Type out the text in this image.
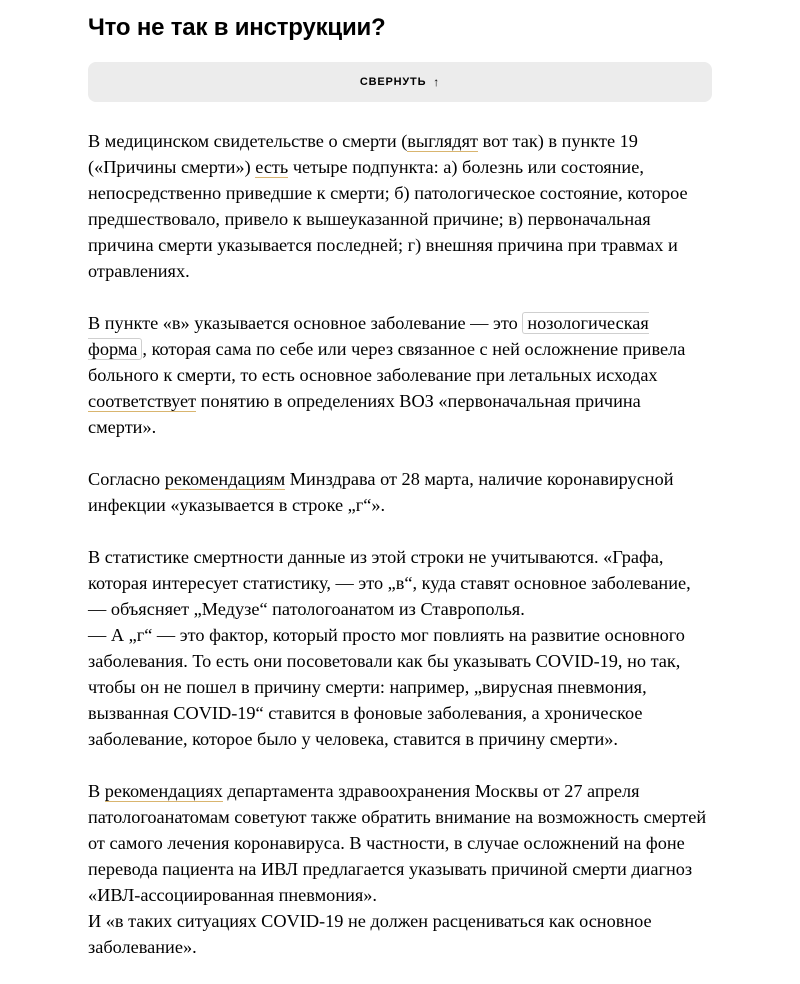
Что не так в инструкции?
СВЕРНУТЬ ↑

В медицинском свидетельстве о смерти (выглядят вот так) в пункте 19 («Причины смерти») есть четыре подпункта: а) болезнь или состояние, непосредственно приведшие к смерти; б) патологическое состояние, которое предшествовало, привело к вышеуказанной причине; в) первоначальная причина смерти указывается последней; г) внешняя причина при травмах и отравлениях.

В пункте «в» указывается основное заболевание — это нозологическая форма , которая сама по себе или через связанное с ней осложнение привела больного к смерти, то есть основное заболевание при летальных исходах соответствует понятию в определениях ВОЗ «первоначальная причина смерти».

Согласно рекомендациям Минздрава от 28 марта, наличие коронавирусной инфекции «указывается в строке „г“».

В статистике смертности данные из этой строки не учитываются. «Графа, которая интересует статистику, — это „в“, куда ставят основное заболевание, — объясняет „Медузе“ патологоанатом из Ставрополья.
— А „г“ — это фактор, который просто мог повлиять на развитие основного заболевания. То есть они посоветовали как бы указывать COVID-19, но так, чтобы он не пошел в причину смерти: например, „вирусная пневмония, вызванная COVID-19“ ставится в фоновые заболевания, а хроническое заболевание, которое было у человека, ставится в причину смерти».

В рекомендациях департамента здравоохранения Москвы от 27 апреля патологоанатомам советуют также обратить внимание на возможность смертей от самого лечения коронавируса. В частности, в случае осложнений на фоне перевода пациента на ИВЛ предлагается указывать причиной смерти диагноз «ИВЛ-ассоциированная пневмония».
И «в таких ситуациях COVID-19 не должен расцениваться как основное заболевание».
